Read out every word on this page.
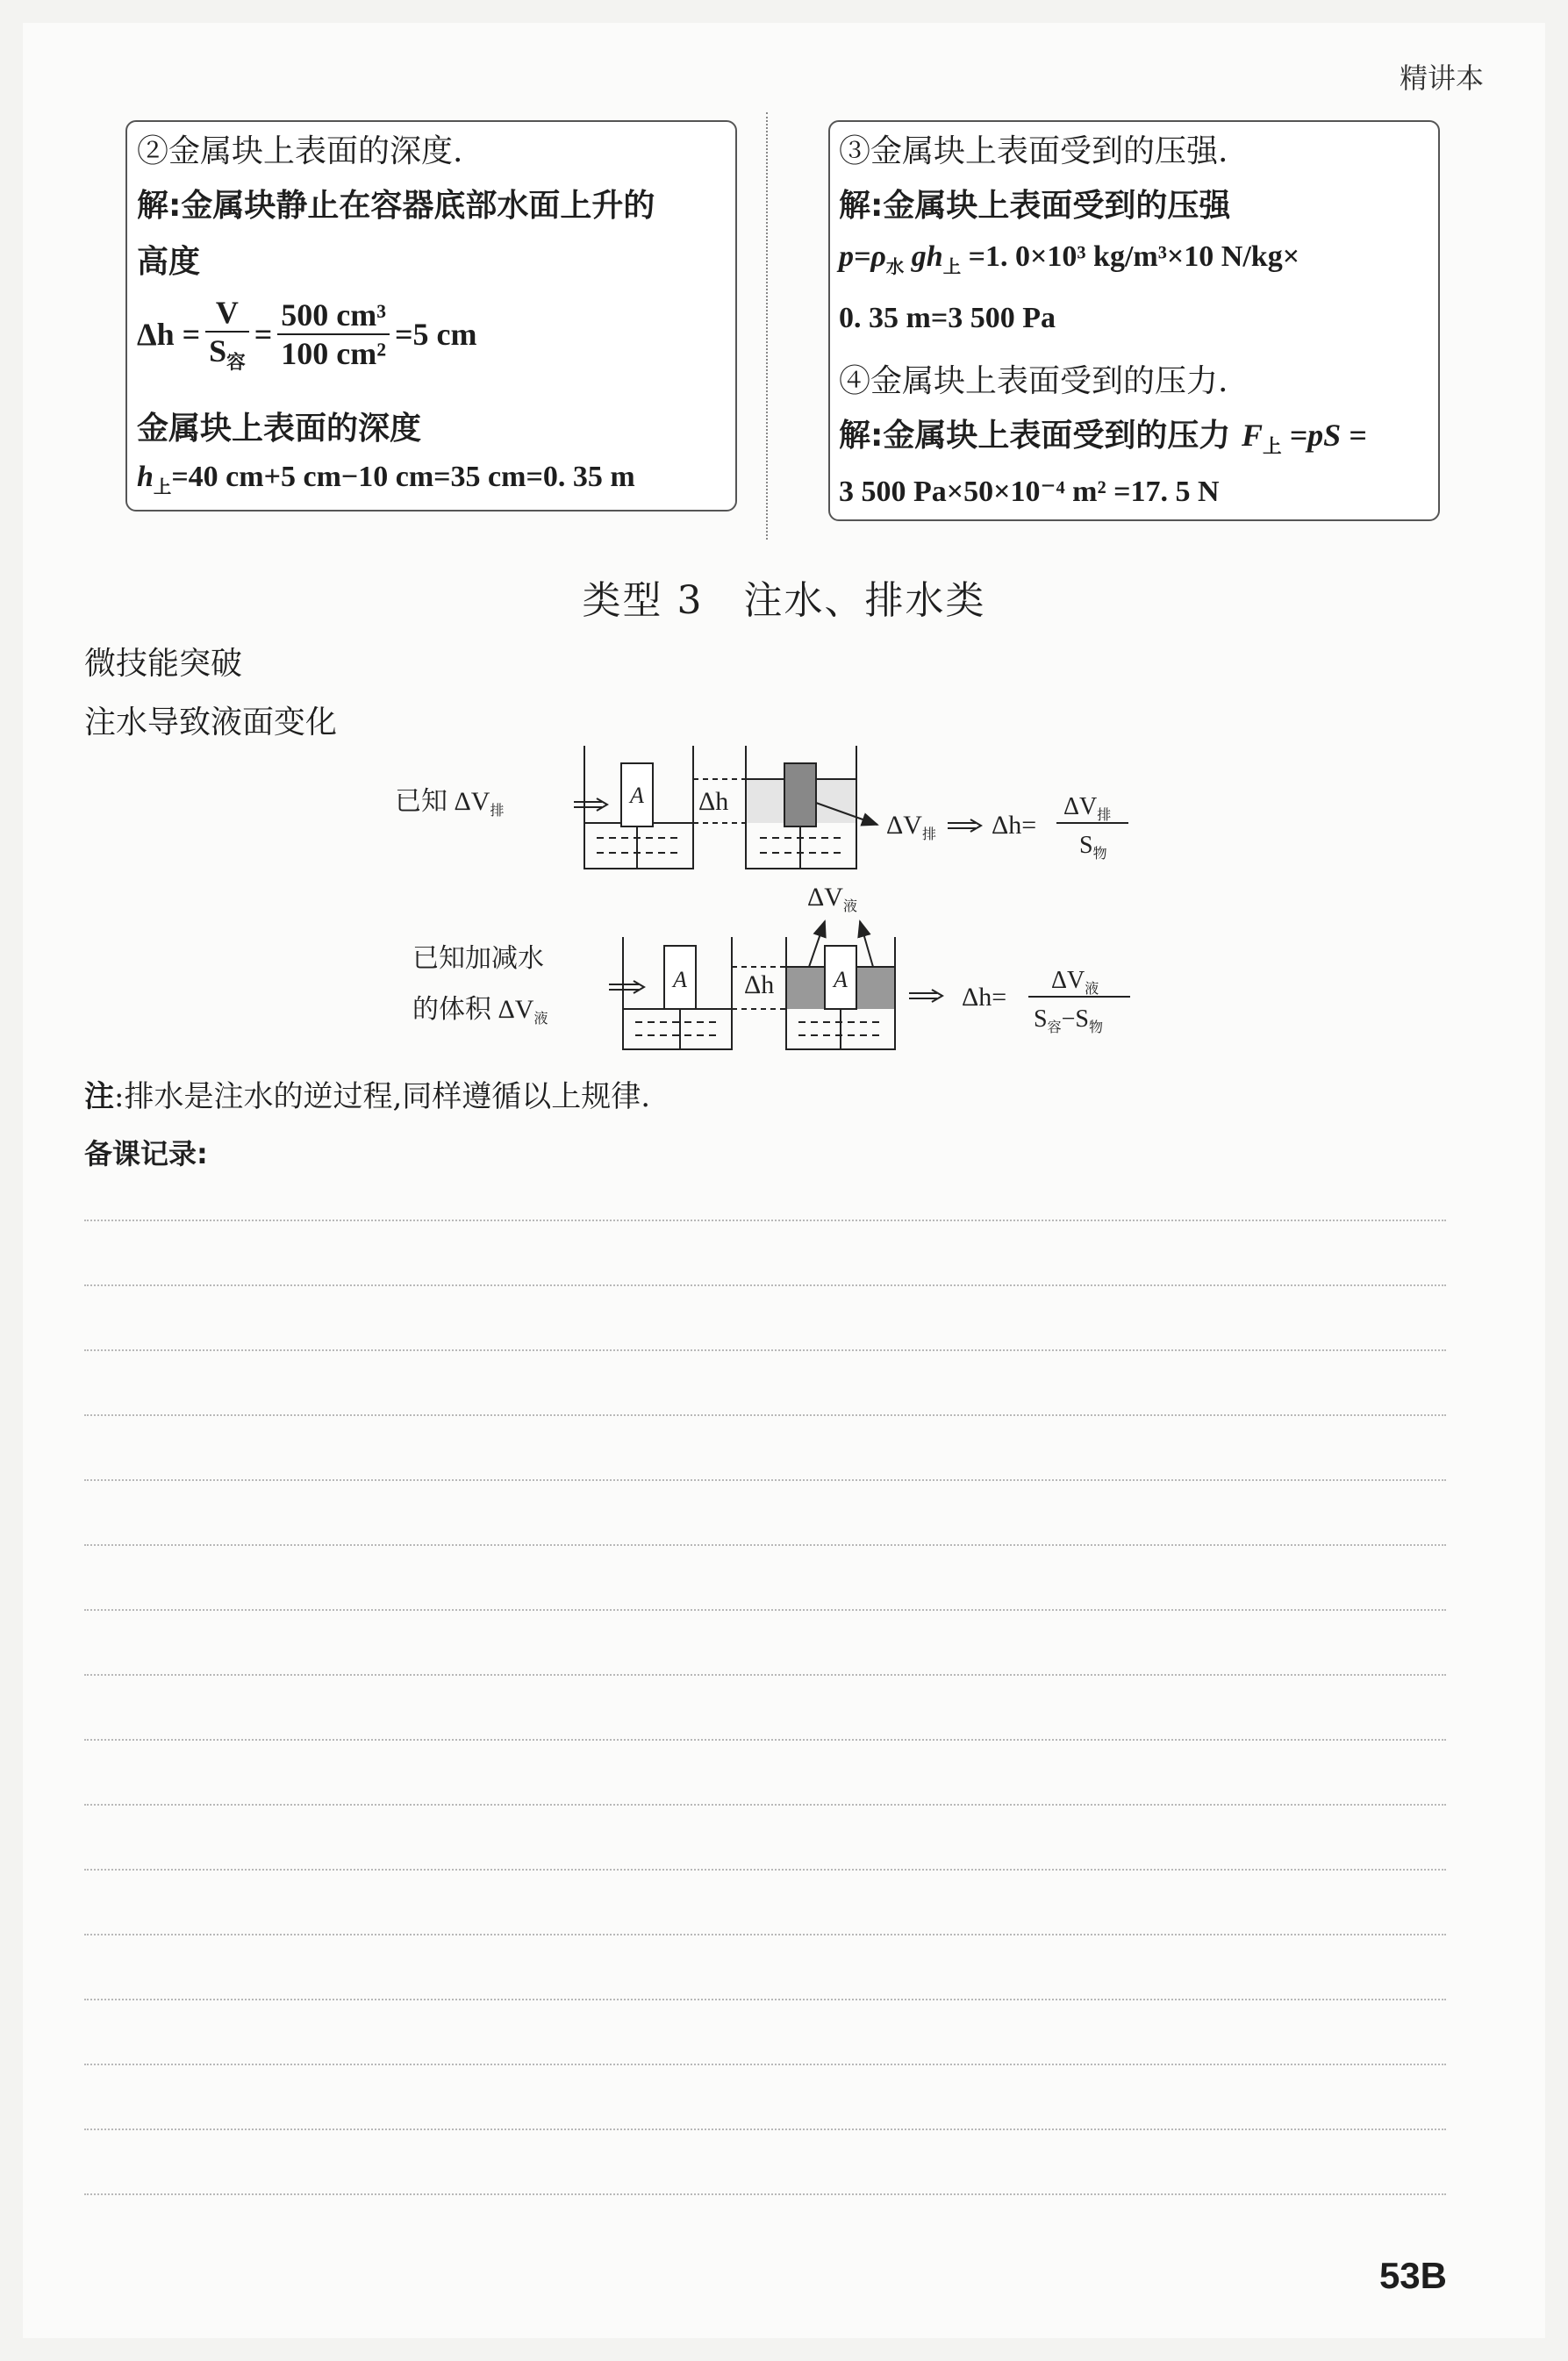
精讲本
②金属块上表面的深度.
解:金属块静止在容器底部水面上升的
高度
$\Delta h = \frac{V}{S_容} = \frac{\text{500 cm³}}{\text{100 cm²}} =5$ cm
金属块上表面的深度
$h_上=40$ cm+5 cm−10 cm=35 cm=0. 35 m
③金属块上表面受到的压强.
解:金属块上表面受到的压强
$p=\rho_水$ $gh_上 =1$. 0×10³ kg/m³×10 N/kg×
0. 35 m=3 500 Pa
④金属块上表面受到的压力.
解:金属块上表面受到的压力 $F_上 =pS$ =
3 500 Pa×50×10⁻⁴ m² =17. 5 N
类型 3　注水、排水类
微技能突破
注水导致液面变化
已知 $\Delta V_排$
A Δh
$\Delta V_排$ Δh=
$\Delta V_排$
$S_物$
已知加减水
的体积 $\Delta V_液$
A	A
Δh
$\Delta V_液$
Δh=
$\Delta V_液$
$S_容-S_物$
注:排水是注水的逆过程,同样遵循以上规律.
备课记录:
53B
